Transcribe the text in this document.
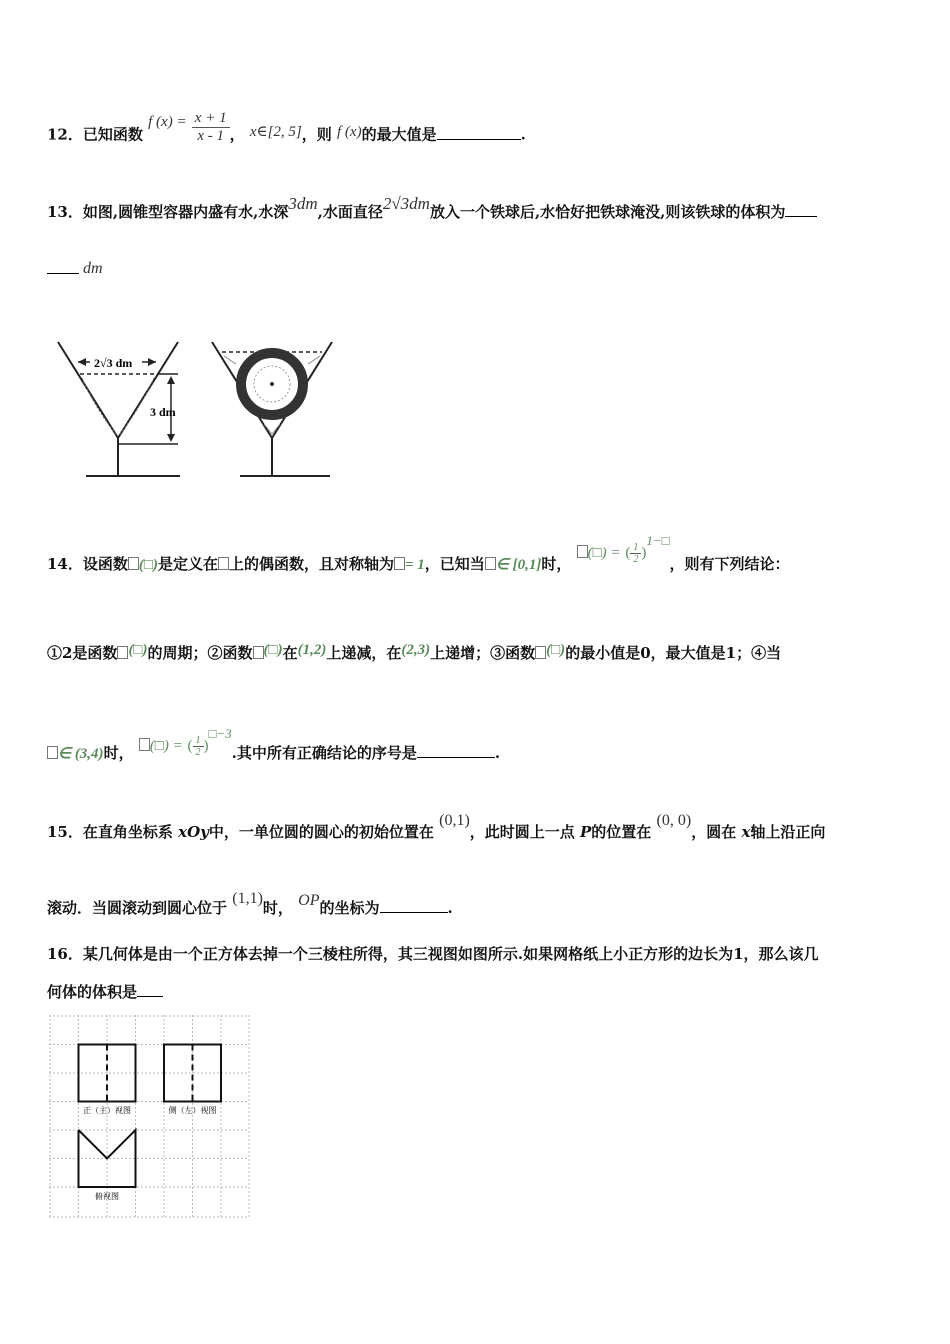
12．已知函数 f $(x) = \frac{x + 1}{x - 1}$ ， x∈[2, 5]，则 f (x)的最大值是	.
13．如图,圆锥型容器内盛有水,水深3dm,水面直径2√3dm放入一个铁球后,水恰好把铁球淹没,则该铁球的体积为
dm
2√3 dm
3 dm
14．设函数 (□)是定义在 上的偶函数，且对称轴为 = 1，已知当 ∈ [0,1]时， (□) = ( $\frac{1}{2}$ )1−□，则有下列结论：
①2是函数 (□)的周期；②函数 (□)在(1,2)上递减，在(2,3)上递增；③函数 (□)的最小值是0，最大值是1；④当
∈ (3,4)时， (□) = ( $\frac{1}{2}$ )□−3.其中所有正确结论的序号是	.
15．在直角坐标系 xOy中，一单位圆的圆心的初始位置在 (0,1)，此时圆上一点 P的位置在 (0, 0)，圆在 x轴上沿正向
滚动．当圆滚动到圆心位于 (1,1)时， OP的坐标为	.
16．某几何体是由一个正方体去掉一个三棱柱所得，其三视图如图所示.如果网格纸上小正方形的边长为1，那么该几
何体的体积是
正（主）视图	侧（左）视图
俯视图
